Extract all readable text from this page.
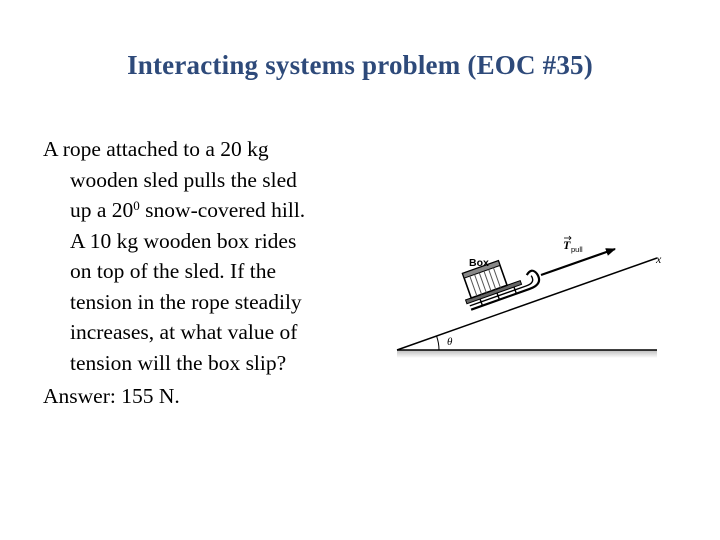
Interacting systems problem (EOC #35)
A rope attached to a 20 kg
wooden sled pulls the sled
up a $20^0$ snow-covered hill.
A 10 kg wooden box rides
on top of the sled. If the
tension in the rope steadily
increases, at what value of
tension will the box slip?
Answer: 155 N.
θ
Box
T pull
x
